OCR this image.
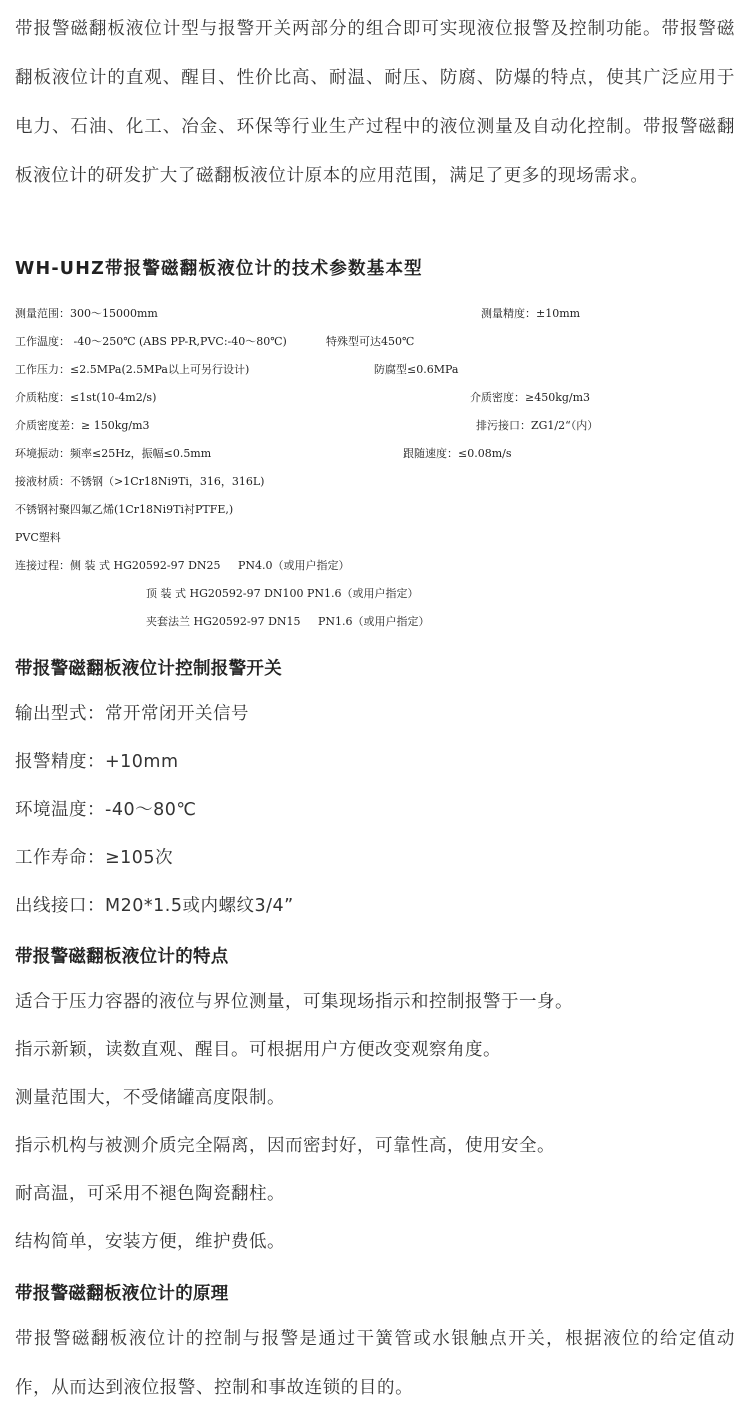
带报警磁翻板液位计型与报警开关两部分的组合即可实现液位报警及控制功能。带报警磁翻板液位计的直观、醒目、性价比高、耐温、耐压、防腐、防爆的特点，使其广泛应用于电力、石油、化工、冶金、环保等行业生产过程中的液位测量及自动化控制。带报警磁翻板液位计的研发扩大了磁翻板液位计原本的应用范围，满足了更多的现场需求。

WH-UHZ带报警磁翻板液位计的技术参数基本型
测量范围：300～15000mm	测量精度：±10mm
工作温度： -40～250℃ (ABS PP-R,PVC:-40～80℃)	特殊型可达450℃
工作压力：≤2.5MPa(2.5MPa以上可另行设计)	防腐型≤0.6MPa
介质粘度：≤1st(10-4m2/s)	介质密度：≥450kg/m3
介质密度差：≥ 150kg/m3	排污接口：ZG1/2“（内）
环境振动：频率≤25Hz，振幅≤0.5mm	跟随速度：≤0.08m/s
接液材质：不锈钢（>1Cr18Ni9Ti，316，316L)
不锈钢衬聚四氟乙烯(1Cr18Ni9Ti衬PTFE,)
PVC塑料
连接过程：侧 装 式 HG20592-97 DN25     PN4.0（或用户指定）
顶 装 式 HG20592-97 DN100 PN1.6（或用户指定）
夹套法兰 HG20592-97 DN15     PN1.6（或用户指定）
带报警磁翻板液位计控制报警开关

输出型式：常开常闭开关信号

报警精度：+10mm

环境温度：-40～80℃

工作寿命：≥105次

出线接口：M20*1.5或内螺纹3/4”

带报警磁翻板液位计的特点

适合于压力容器的液位与界位测量，可集现场指示和控制报警于一身。

指示新颖，读数直观、醒目。可根据用户方便改变观察角度。

测量范围大，不受储罐高度限制。

指示机构与被测介质完全隔离，因而密封好，可靠性高，使用安全。

耐高温，可采用不褪色陶瓷翻柱。

结构简单，安装方便，维护费低。

带报警磁翻板液位计的原理

带报警磁翻板液位计的控制与报警是通过干簧管或水银触点开关，根据液位的给定值动作，从而达到液位报警、控制和事故连锁的目的。
